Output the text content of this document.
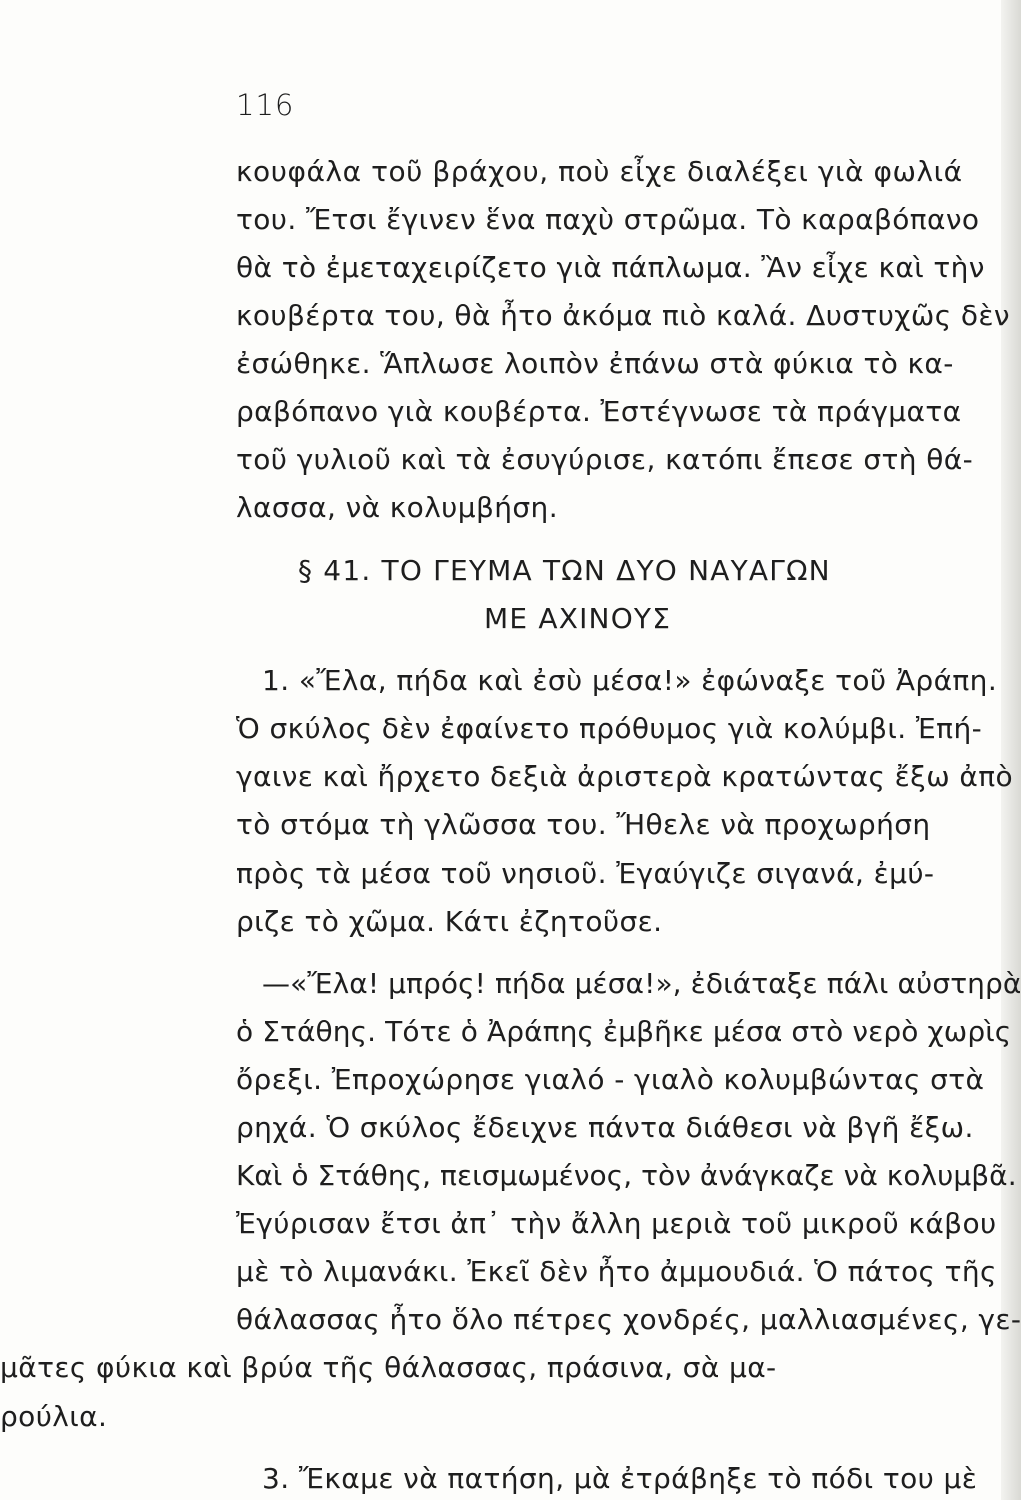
116
κουφάλα τοῦ βράχου, ποὺ εἶχε διαλέξει γιὰ φωλιά
του. Ἔτσι ἔγινεν ἕνα παχὺ στρῶμα. Τὸ καραβόπανο
θὰ τὸ ἐμεταχειρίζετο γιὰ πάπλωμα. Ἂν εἶχε καὶ τὴν
κουβέρτα του, θὰ ἦτο ἀκόμα πιὸ καλά. Δυστυχῶς δὲν
ἐσώθηκε. Ἅπλωσε λοιπὸν ἐπάνω στὰ φύκια τὸ κα-
ραβόπανο γιὰ κουβέρτα. Ἐστέγνωσε τὰ πράγματα
τοῦ γυλιοῦ καὶ τὰ ἐσυγύρισε, κατόπι ἔπεσε στὴ θά-
λασσα, νὰ κολυμβήση.
§ 41. ΤΟ ΓΕΥΜΑ ΤΩΝ ΔΥΟ ΝΑΥΑΓΩΝ
ΜΕ ΑΧΙΝΟΥΣ
1. «Ἔλα, πήδα καὶ ἐσὺ μέσα!» ἐφώναξε τοῦ Ἀράπη.
Ὁ σκύλος δὲν ἐφαίνετο πρόθυμος γιὰ κολύμβι. Ἐπή-
γαινε καὶ ἤρχετο δεξιὰ ἀριστερὰ κρατώντας ἔξω ἀπὸ
τὸ στόμα τὴ γλῶσσα του. Ἤθελε νὰ προχωρήση
πρὸς τὰ μέσα τοῦ νησιοῦ. Ἐγαύγιζε σιγανά, ἐμύ-
ριζε τὸ χῶμα. Κάτι ἐζητοῦσε.
—«Ἔλα! μπρός! πήδα μέσα!», ἐδιάταξε πάλι αὐστηρὰ
ὁ Στάθης. Τότε ὁ Ἀράπης ἐμβῆκε μέσα στὸ νερὸ χωρὶς
ὄρεξι. Ἐπροχώρησε γιαλό - γιαλὸ κολυμβώντας στὰ
ρηχά. Ὁ σκύλος ἔδειχνε πάντα διάθεσι νὰ βγῆ ἔξω.
Καὶ ὁ Στάθης, πεισμωμένος, τὸν ἀνάγκαζε νὰ κολυμβᾶ.
Ἐγύρισαν ἔτσι ἀπ᾽ τὴν ἄλλη μεριὰ τοῦ μικροῦ κάβου
μὲ τὸ λιμανάκι. Ἐκεῖ δὲν ἦτο ἀμμουδιά. Ὁ πάτος τῆς
θάλασσας ἦτο ὅλο πέτρες χονδρές, μαλλιασμένες, γε-
μᾶτες φύκια καὶ βρύα τῆς θάλασσας, πράσινα, σὰ μα-
ρούλια.
3. Ἔκαμε νὰ πατήση, μὰ ἐτράβηξε τὸ πόδι του μὲ
